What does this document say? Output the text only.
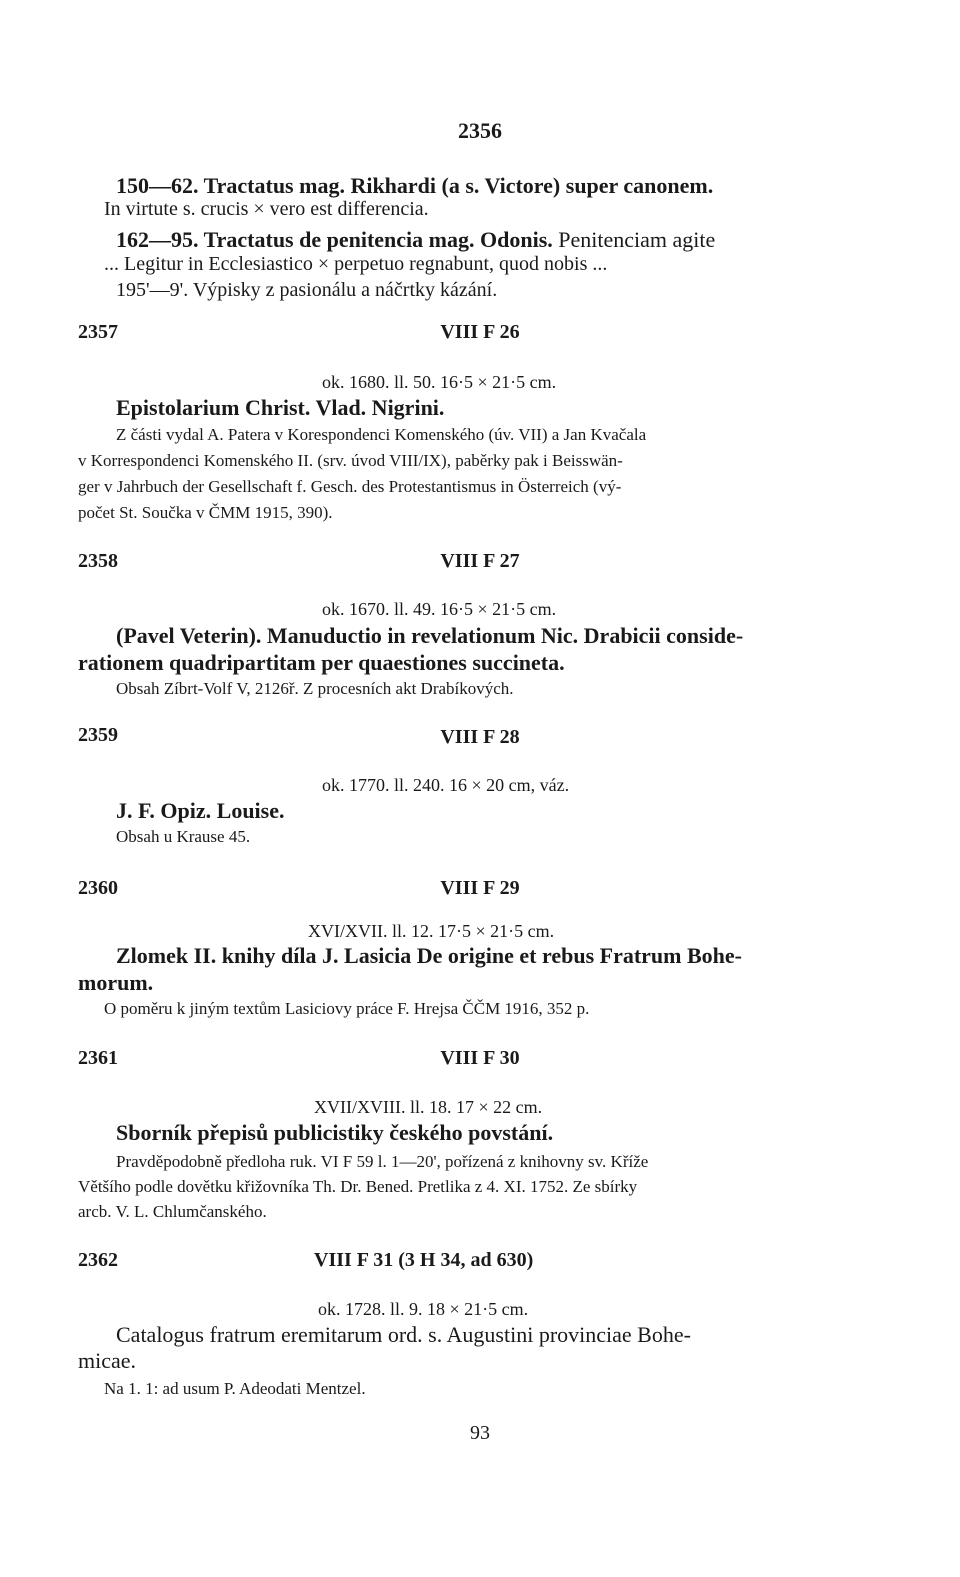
2356
150—62. Tractatus mag. Rikhardi (a s. Victore) super canonem.
In virtute s. crucis × vero est differencia.
162—95. Tractatus de penitencia mag. Odonis. Penitenciam agite
... Legitur in Ecclesiastico × perpetuo regnabunt, quod nobis ...
195'—9'. Výpisky z pasionálu a náčrtky kázání.
2357	VIII F 26
ok. 1680. ll. 50. 16·5 × 21·5 cm.
Epistolarium Christ. Vlad. Nigrini.
Z části vydal A. Patera v Korespondenci Komenského (úv. VII) a Jan Kvačala
v Korrespondenci Komenského II. (srv. úvod VIII/IX), paběrky pak i Beisswän-
ger v Jahrbuch der Gesellschaft f. Gesch. des Protestantismus in Österreich (vý-
počet St. Součka v ČMM 1915, 390).
2358	VIII F 27
ok. 1670. ll. 49. 16·5 × 21·5 cm.
(Pavel Veterin). Manuductio in revelationum Nic. Drabicii conside-
rationem quadripartitam per quaestiones succineta.
Obsah Zíbrt-Volf V, 2126ř. Z procesních akt Drabíkových.
2359	VIII F 28
ok. 1770. ll. 240. 16 × 20 cm, váz.
J. F. Opiz. Louise.
Obsah u Krause 45.
2360	VIII F 29
XVI/XVII. ll. 12. 17·5 × 21·5 cm.
Zlomek II. knihy díla J. Lasicia De origine et rebus Fratrum Bohe-
morum.
O poměru k jiným textům Lasiciovy práce F. Hrejsa ČČM 1916, 352 p.
2361	VIII F 30
XVII/XVIII. ll. 18. 17 × 22 cm.
Sborník přepisů publicistiky českého povstání.
Pravděpodobně předloha ruk. VI F 59 l. 1—20', pořízená z knihovny sv. Kříže
Většího podle dovětku křižovníka Th. Dr. Bened. Pretlika z 4. XI. 1752. Ze sbírky
arcb. V. L. Chlumčanského.
2362	VIII F 31 (3 H 34, ad 630)
ok. 1728. ll. 9. 18 × 21·5 cm.
Catalogus fratrum eremitarum ord. s. Augustini provinciae Bohe-
micae.
Na 1. 1: ad usum P. Adeodati Mentzel.
93
